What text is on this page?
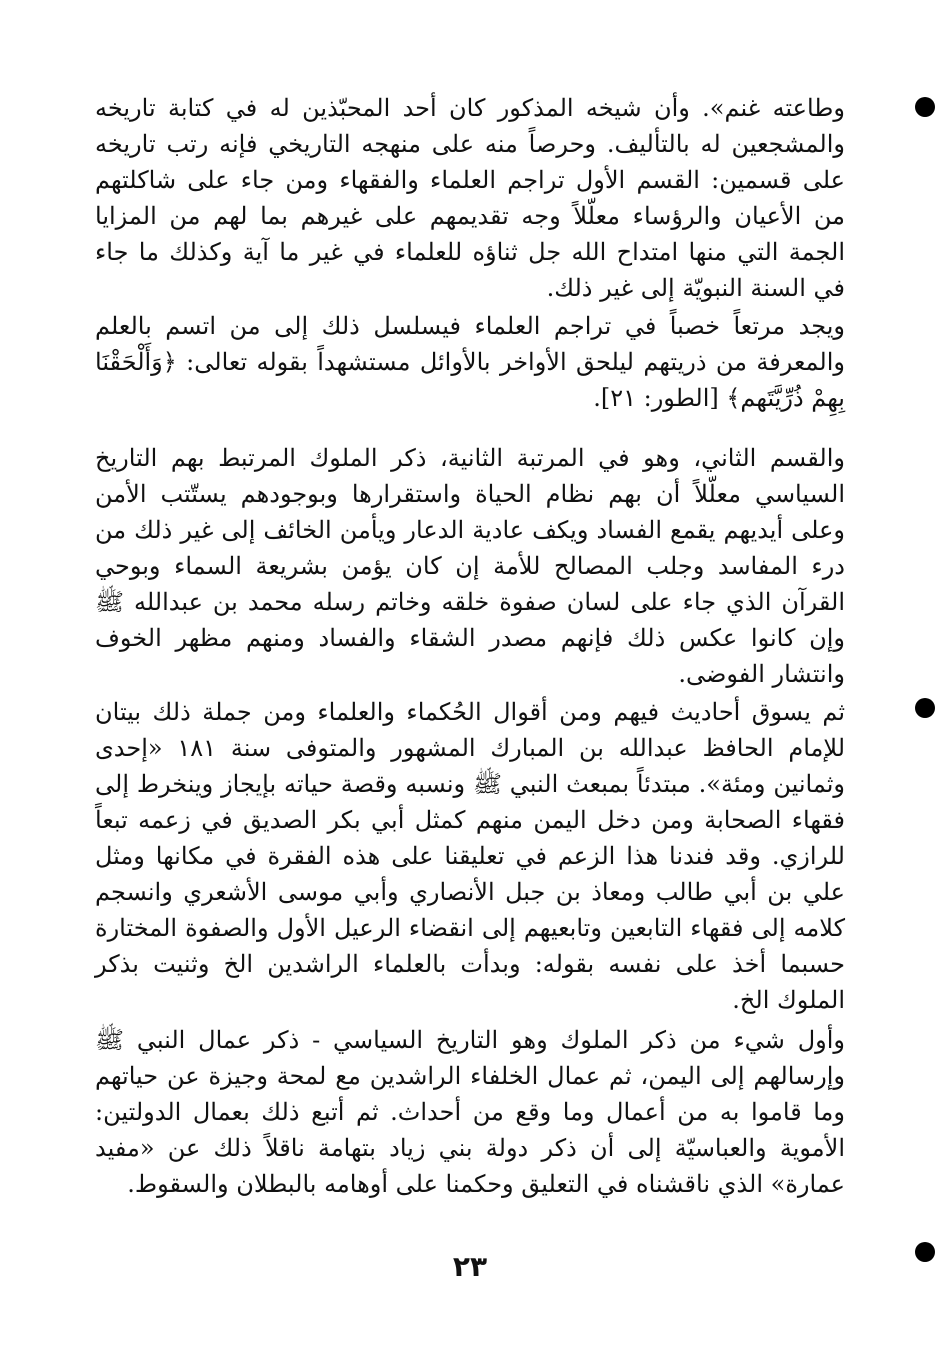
وطاعته غنم». وأن شيخه المذكور كان أحد المحبّذين له في كتابة تاريخه والمشجعين له بالتأليف. وحرصاً منه على منهجه التاريخي فإنه رتب تاريخه على قسمين: القسم الأول تراجم العلماء والفقهاء ومن جاء على شاكلتهم من الأعيان والرؤساء معلّلاً وجه تقديمهم على غيرهم بما لهم من المزايا الجمة التي منها امتداح الله جل ثناؤه للعلماء في غير ما آية وكذلك ما جاء في السنة النبويّة إلى غير ذلك.

ويجد مرتعاً خصباً في تراجم العلماء فيسلسل ذلك إلى من اتسم بالعلم والمعرفة من ذريتهم ليلحق الأواخر بالأوائل مستشهداً بقوله تعالى: ﴿وَأَلْحَقْنَا بِهِمْ ذُرِّيَّتَهم﴾ [الطور: ٢١].

والقسم الثاني، وهو في المرتبة الثانية، ذكر الملوك المرتبط بهم التاريخ السياسي معلّلاً أن بهم نظام الحياة واستقرارها وبوجودهم يستّتب الأمن وعلى أيديهم يقمع الفساد ويكف عادية الدعار ويأمن الخائف إلى غير ذلك من درء المفاسد وجلب المصالح للأمة إن كان يؤمن بشريعة السماء وبوحي القرآن الذي جاء على لسان صفوة خلقه وخاتم رسله محمد بن عبدالله ﷺ وإن كانوا عكس ذلك فإنهم مصدر الشقاء والفساد ومنهم مظهر الخوف وانتشار الفوضى.

ثم يسوق أحاديث فيهم ومن أقوال الحُكماء والعلماء ومن جملة ذلك بيتان للإمام الحافظ عبدالله بن المبارك المشهور والمتوفى سنة ١٨١ «إحدى وثمانين ومئة». مبتدئاً بمبعث النبي ﷺ ونسبه وقصة حياته بإيجاز وينخرط إلى فقهاء الصحابة ومن دخل اليمن منهم كمثل أبي بكر الصديق في زعمه تبعاً للرازي. وقد فندنا هذا الزعم في تعليقنا على هذه الفقرة في مكانها ومثل علي بن أبي طالب ومعاذ بن جبل الأنصاري وأبي موسى الأشعري وانسجم كلامه إلى فقهاء التابعين وتابعيهم إلى انقضاء الرعيل الأول والصفوة المختارة حسبما أخذ على نفسه بقوله: وبدأت بالعلماء الراشدين الخ وثنيت بذكر الملوك الخ.

وأول شيء من ذكر الملوك وهو التاريخ السياسي - ذكر عمال النبي ﷺ وإرسالهم إلى اليمن، ثم عمال الخلفاء الراشدين مع لمحة وجيزة عن حياتهم وما قاموا به من أعمال وما وقع من أحداث. ثم أتبع ذلك بعمال الدولتين: الأموية والعباسيّة إلى أن ذكر دولة بني زياد بتهامة ناقلاً ذلك عن «مفيد عمارة» الذي ناقشناه في التعليق وحكمنا على أوهامه بالبطلان والسقوط.

٢٣
